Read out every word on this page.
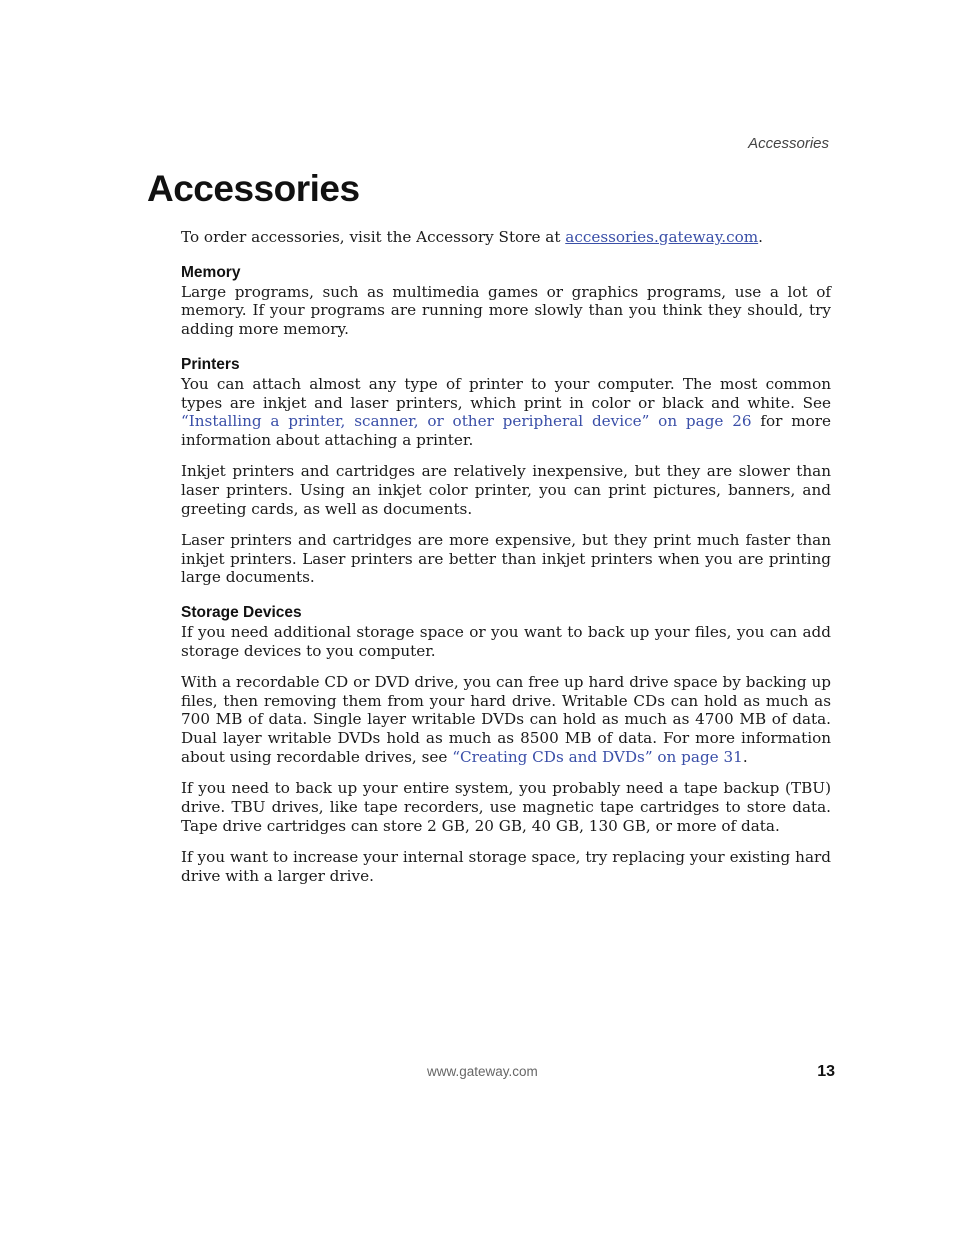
Accessories
Accessories

To order accessories, visit the Accessory Store at accessories.gateway.com.

Memory

Large programs, such as multimedia games or graphics programs, use a lot of memory. If your programs are running more slowly than you think they should, try adding more memory.

Printers

You can attach almost any type of printer to your computer. The most common types are inkjet and laser printers, which print in color or black and white. See “Installing a printer, scanner, or other peripheral device” on page 26 for more information about attaching a printer.

Inkjet printers and cartridges are relatively inexpensive, but they are slower than laser printers. Using an inkjet color printer, you can print pictures, banners, and greeting cards, as well as documents.

Laser printers and cartridges are more expensive, but they print much faster than inkjet printers. Laser printers are better than inkjet printers when you are printing large documents.

Storage Devices

If you need additional storage space or you want to back up your files, you can add storage devices to you computer.

With a recordable CD or DVD drive, you can free up hard drive space by backing up files, then removing them from your hard drive. Writable CDs can hold as much as 700 MB of data. Single layer writable DVDs can hold as much as 4700 MB of data. Dual layer writable DVDs hold as much as 8500 MB of data. For more information about using recordable drives, see “Creating CDs and DVDs” on page 31.

If you need to back up your entire system, you probably need a tape backup (TBU) drive. TBU drives, like tape recorders, use magnetic tape cartridges to store data. Tape drive cartridges can store 2 GB, 20 GB, 40 GB, 130 GB, or more of data.

If you want to increase your internal storage space, try replacing your existing hard drive with a larger drive.

www.gateway.com	13
